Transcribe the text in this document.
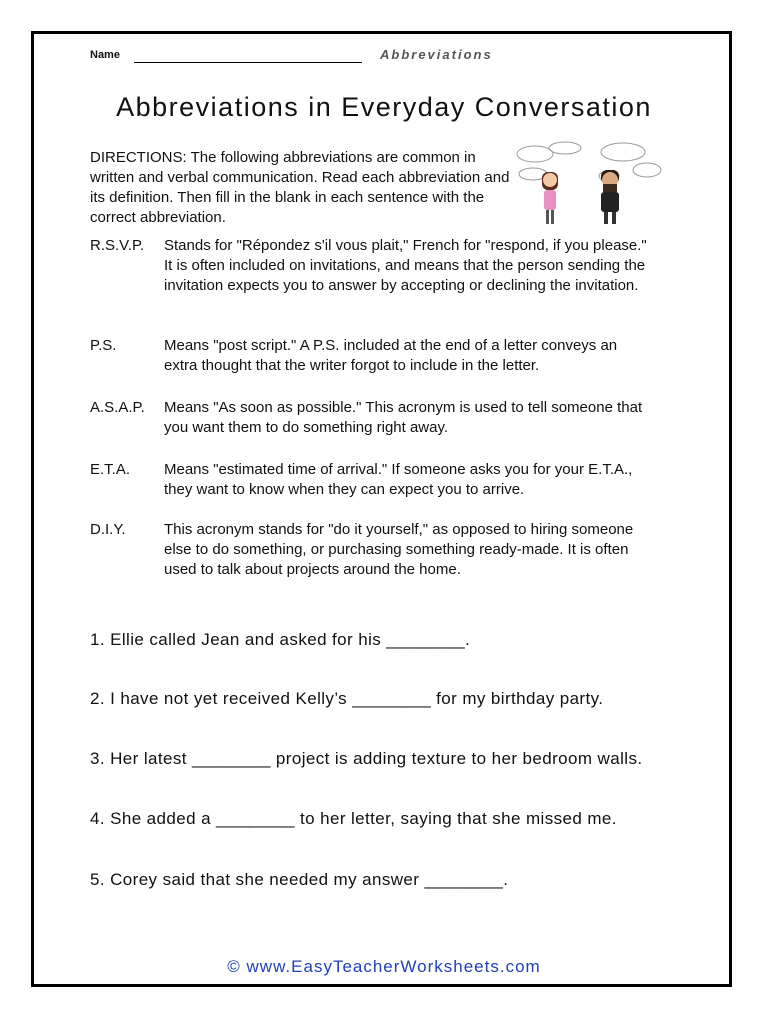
Name	Abbreviations
Abbreviations in Everyday Conversation

DIRECTIONS: The following abbreviations are common in written and verbal communication. Read each abbreviation and its definition. Then fill in the blank in each sentence with the correct abbreviation.

R.S.V.P. Stands for "Répondez s'il vous plait," French for "respond, if you please." It is often included on invitations, and means that the person sending the invitation expects you to answer by accepting or declining the invitation.

P.S.	Means "post script." A P.S. included at the end of a letter conveys an extra thought that the writer forgot to include in the letter.

A.S.A.P. Means "As soon as possible." This acronym is used to tell someone that you want them to do something right away.

E.T.A. Means "estimated time of arrival." If someone asks you for your E.T.A., they want to know when they can expect you to arrive.

D.I.Y.	This acronym stands for "do it yourself," as opposed to hiring someone else to do something, or purchasing something ready-made. It is often used to talk about projects around the home.

1. Ellie called Jean and asked for his ________.

2. I have not yet received Kelly’s ________ for my birthday party.

3. Her latest ________ project is adding texture to her bedroom walls.

4. She added a ________ to her letter, saying that she missed me.

5. Corey said that she needed my answer ________.

© www.EasyTeacherWorksheets.com
